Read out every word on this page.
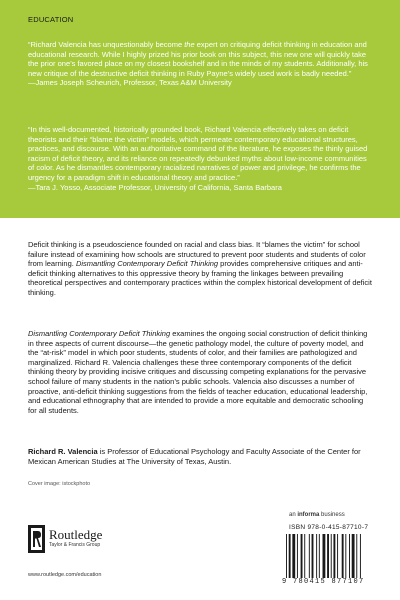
EDUCATION
“Richard Valencia has unquestionably become the expert on critiquing deficit thinking in education and educational research. While I highly prized his prior book on this subject, this new one will quickly take the prior one’s favored place on my closest bookshelf and in the minds of my students. Additionally, his new critique of the destructive deficit thinking in Ruby Payne’s widely used work is badly needed.”
—James Joseph Scheurich, Professor, Texas A&M University
“In this well-documented, historically grounded book, Richard Valencia effectively takes on deficit theorists and their “blame the victim” models, which permeate contemporary educational structures, practices, and discourse. With an authoritative command of the literature, he exposes the thinly guised racism of deficit theory, and its reliance on repeatedly debunked myths about low-income communities of color. As he dismantles contemporary racialized narratives of power and privilege, he confirms the urgency for a paradigm shift in educational theory and practice.”
—Tara J. Yosso, Associate Professor, University of California, Santa Barbara
Deficit thinking is a pseudoscience founded on racial and class bias. It “blames the victim” for school failure instead of examining how schools are structured to prevent poor students and students of color from learning. Dismantling Contemporary Deficit Thinking provides comprehensive critiques and anti-deficit thinking alternatives to this oppressive theory by framing the linkages between prevailing theoretical perspectives and contemporary practices within the complex historical development of deficit thinking.
Dismantling Contemporary Deficit Thinking examines the ongoing social construction of deficit thinking in three aspects of current discourse—the genetic pathology model, the culture of poverty model, and the “at-risk” model in which poor students, students of color, and their families are pathologized and marginalized. Richard R. Valencia challenges these three contemporary components of the deficit thinking theory by providing incisive critiques and discussing competing explanations for the pervasive school failure of many students in the nation’s public schools. Valencia also discusses a number of proactive, anti-deficit thinking suggestions from the fields of teacher education, educational leadership, and educational ethnography that are intended to provide a more equitable and democratic schooling for all students.
Richard R. Valencia is Professor of Educational Psychology and Faculty Associate of the Center for Mexican American Studies at The University of Texas, Austin.
Cover image: istockphoto
Routledge
Taylor & Francis Group
www.routledge.com/education
an informa business
ISBN 978-0-415-87710-7
9 780415 877107
